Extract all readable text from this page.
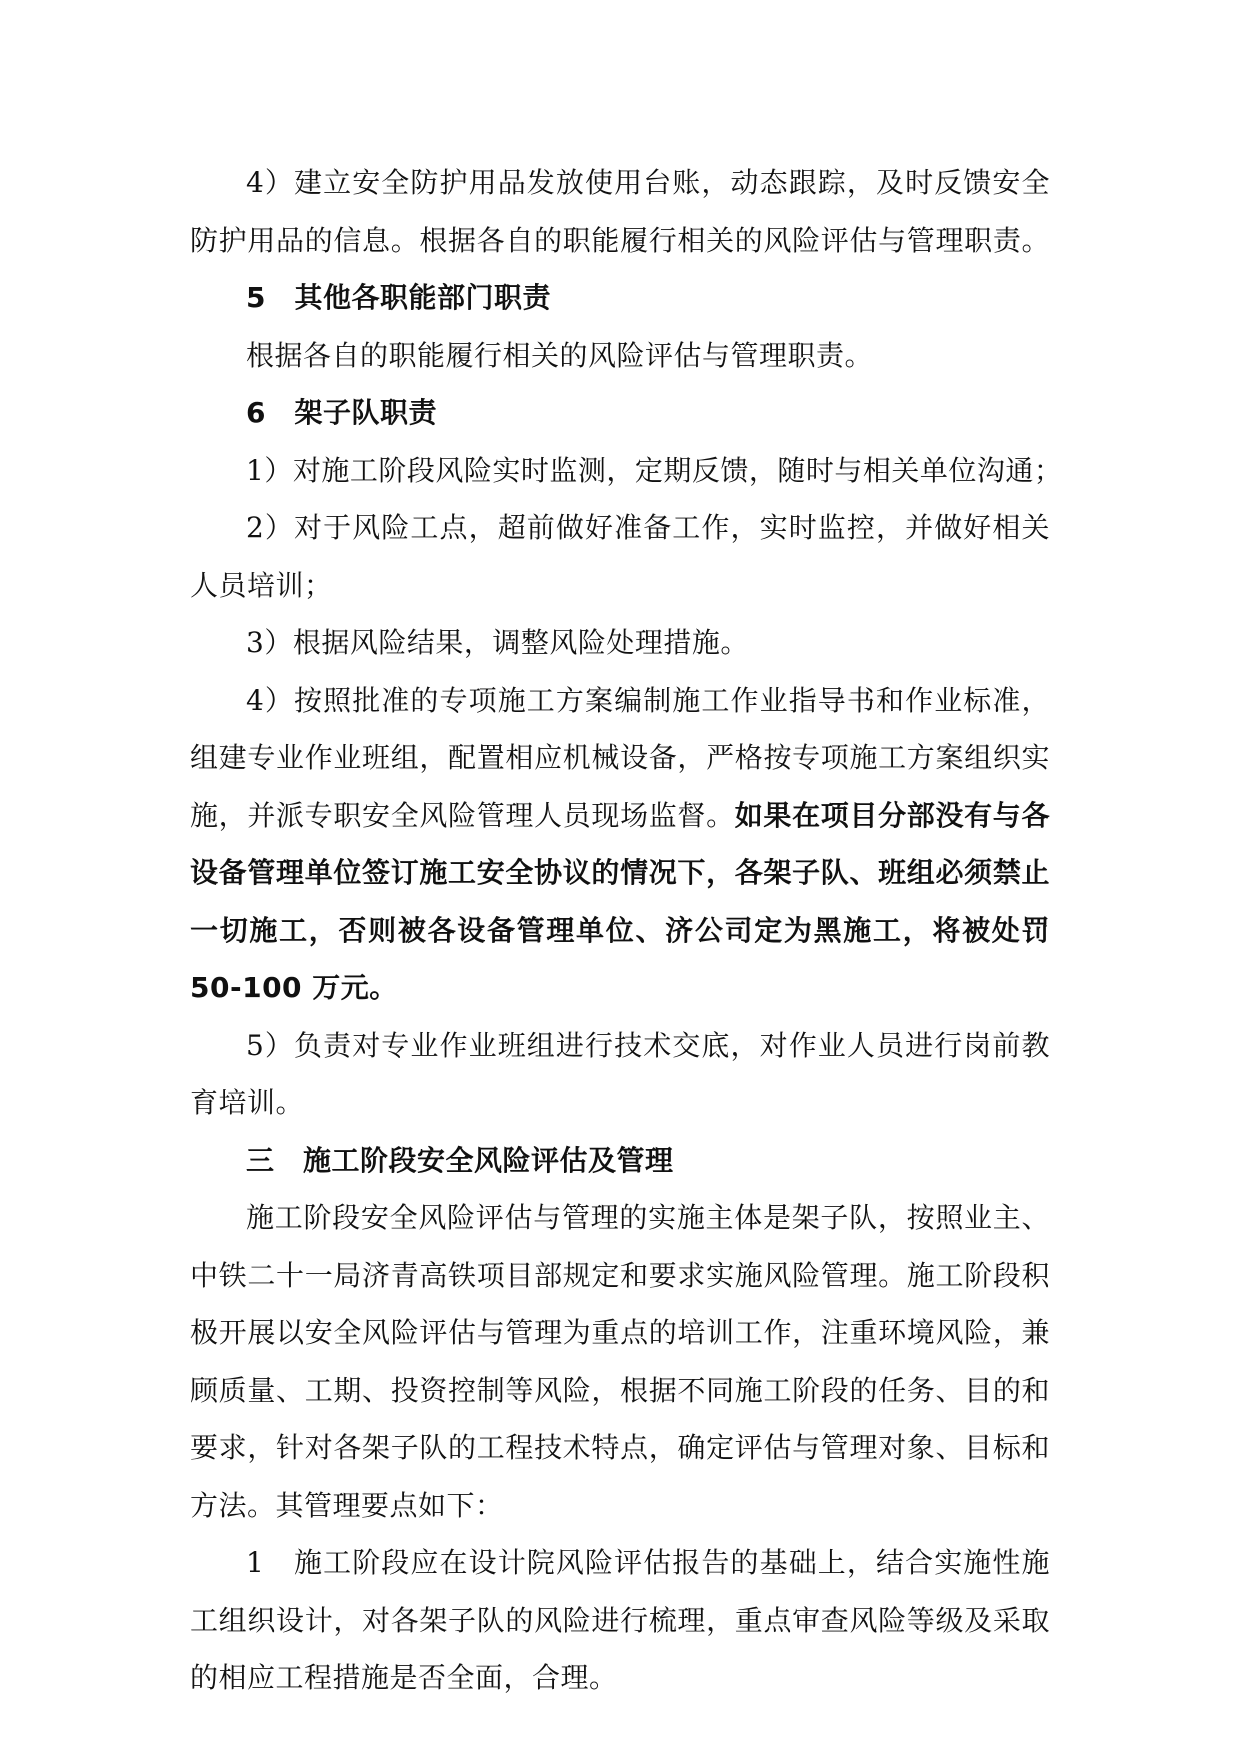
4）建立安全防护用品发放使用台账，动态跟踪，及时反馈安全
防护用品的信息。根据各自的职能履行相关的风险评估与管理职责。
5　其他各职能部门职责
根据各自的职能履行相关的风险评估与管理职责。
6　架子队职责
1）对施工阶段风险实时监测，定期反馈，随时与相关单位沟通；
2）对于风险工点，超前做好准备工作，实时监控，并做好相关
人员培训；
3）根据风险结果，调整风险处理措施。
4）按照批准的专项施工方案编制施工作业指导书和作业标准，
组建专业作业班组，配置相应机械设备，严格按专项施工方案组织实
施，并派专职安全风险管理人员现场监督。如果在项目分部没有与各
设备管理单位签订施工安全协议的情况下，各架子队、班组必须禁止
一切施工，否则被各设备管理单位、济公司定为黑施工，将被处罚
50-100 万元。
5）负责对专业作业班组进行技术交底，对作业人员进行岗前教
育培训。
三　施工阶段安全风险评估及管理
施工阶段安全风险评估与管理的实施主体是架子队，按照业主、
中铁二十一局济青高铁项目部规定和要求实施风险管理。施工阶段积
极开展以安全风险评估与管理为重点的培训工作，注重环境风险，兼
顾质量、工期、投资控制等风险，根据不同施工阶段的任务、目的和
要求，针对各架子队的工程技术特点，确定评估与管理对象、目标和
方法。其管理要点如下：
1　施工阶段应在设计院风险评估报告的基础上，结合实施性施
工组织设计，对各架子队的风险进行梳理，重点审查风险等级及采取
的相应工程措施是否全面，合理。
